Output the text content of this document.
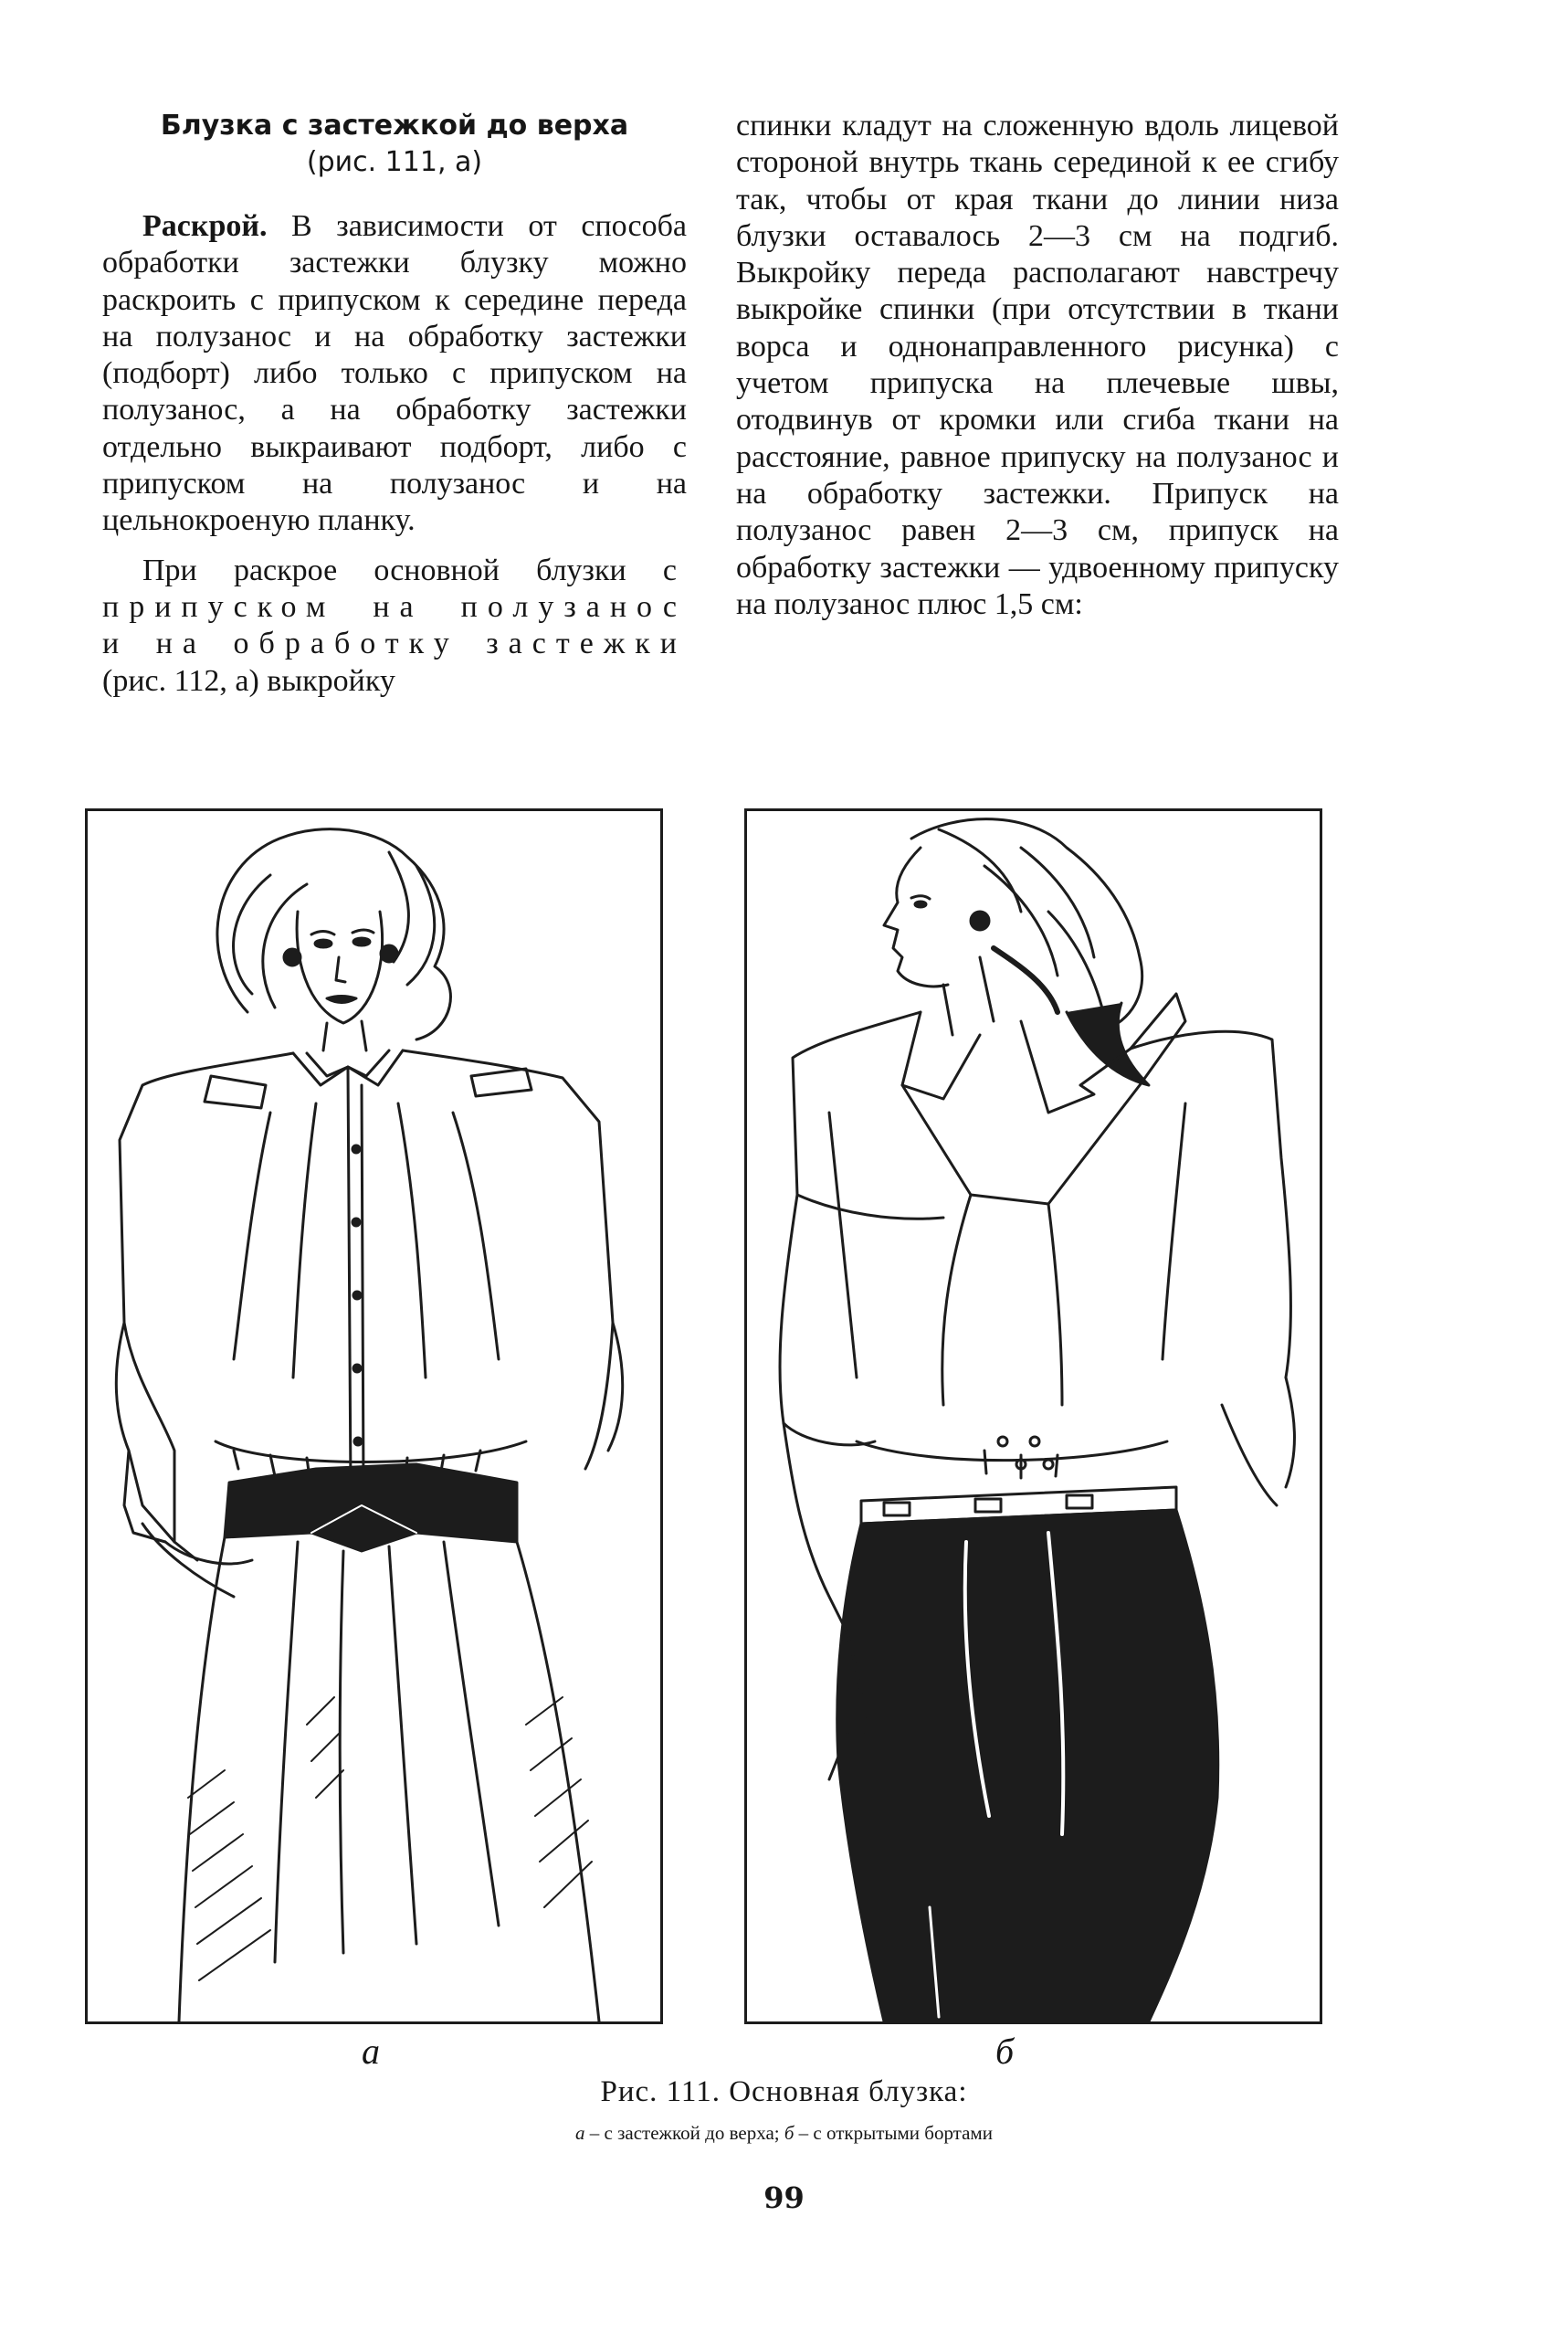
Блузка с застежкой до верха

(рис. 111, а)

Раскрой. В зависимости от способа обработки застежки блузку можно раскроить с припуском к середине переда на полузанос и на обработку застежки (подборт) либо только с припуском на полузанос, а на обработку застежки отдельно выкраивают подборт, либо с припуском на полузанос и на цельнокроеную планку.

При раскрое основной блузки с припуском на полузанос и на обработку застежки (рис. 112, а) выкройку

спинки кладут на сложенную вдоль лицевой стороной внутрь ткань серединой к ее сгибу так, чтобы от края ткани до линии низа блузки оставалось 2—3 см на подгиб. Выкройку переда располагают навстречу выкройке спинки (при отсутствии в ткани ворса и однонаправленного рисунка) с учетом припуска на плечевые швы, отодвинув от кромки или сгиба ткани на расстояние, равное припуску на полузанос и на обработку застежки. Припуск на полузанос равен 2—3 см, припуск на обработку застежки — удвоенному припуску на полузанос плюс 1,5 см:

а	б
Рис. 111. Основная блузка:
а – с застежкой до верха; б – с открытыми бортами
99
